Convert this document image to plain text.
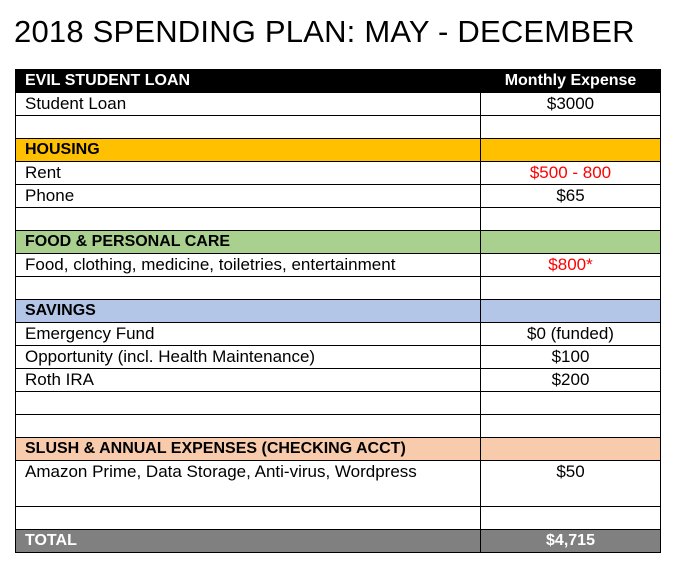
2018 SPENDING PLAN: MAY - DECEMBER
EVIL STUDENT LOAN	Monthly Expense
Student Loan	$3000

HOUSING	
Rent	$500 - 800
Phone	$65

FOOD & PERSONAL CARE	
Food, clothing, medicine, toiletries, entertainment	$800*

SAVINGS	
Emergency Fund	$0 (funded)
Opportunity (incl. Health Maintenance)	$100
Roth IRA	$200

SLUSH & ANNUAL EXPENSES (CHECKING ACCT)	
Amazon Prime, Data Storage, Anti-virus, Wordpress	$50

TOTAL	$4,715
